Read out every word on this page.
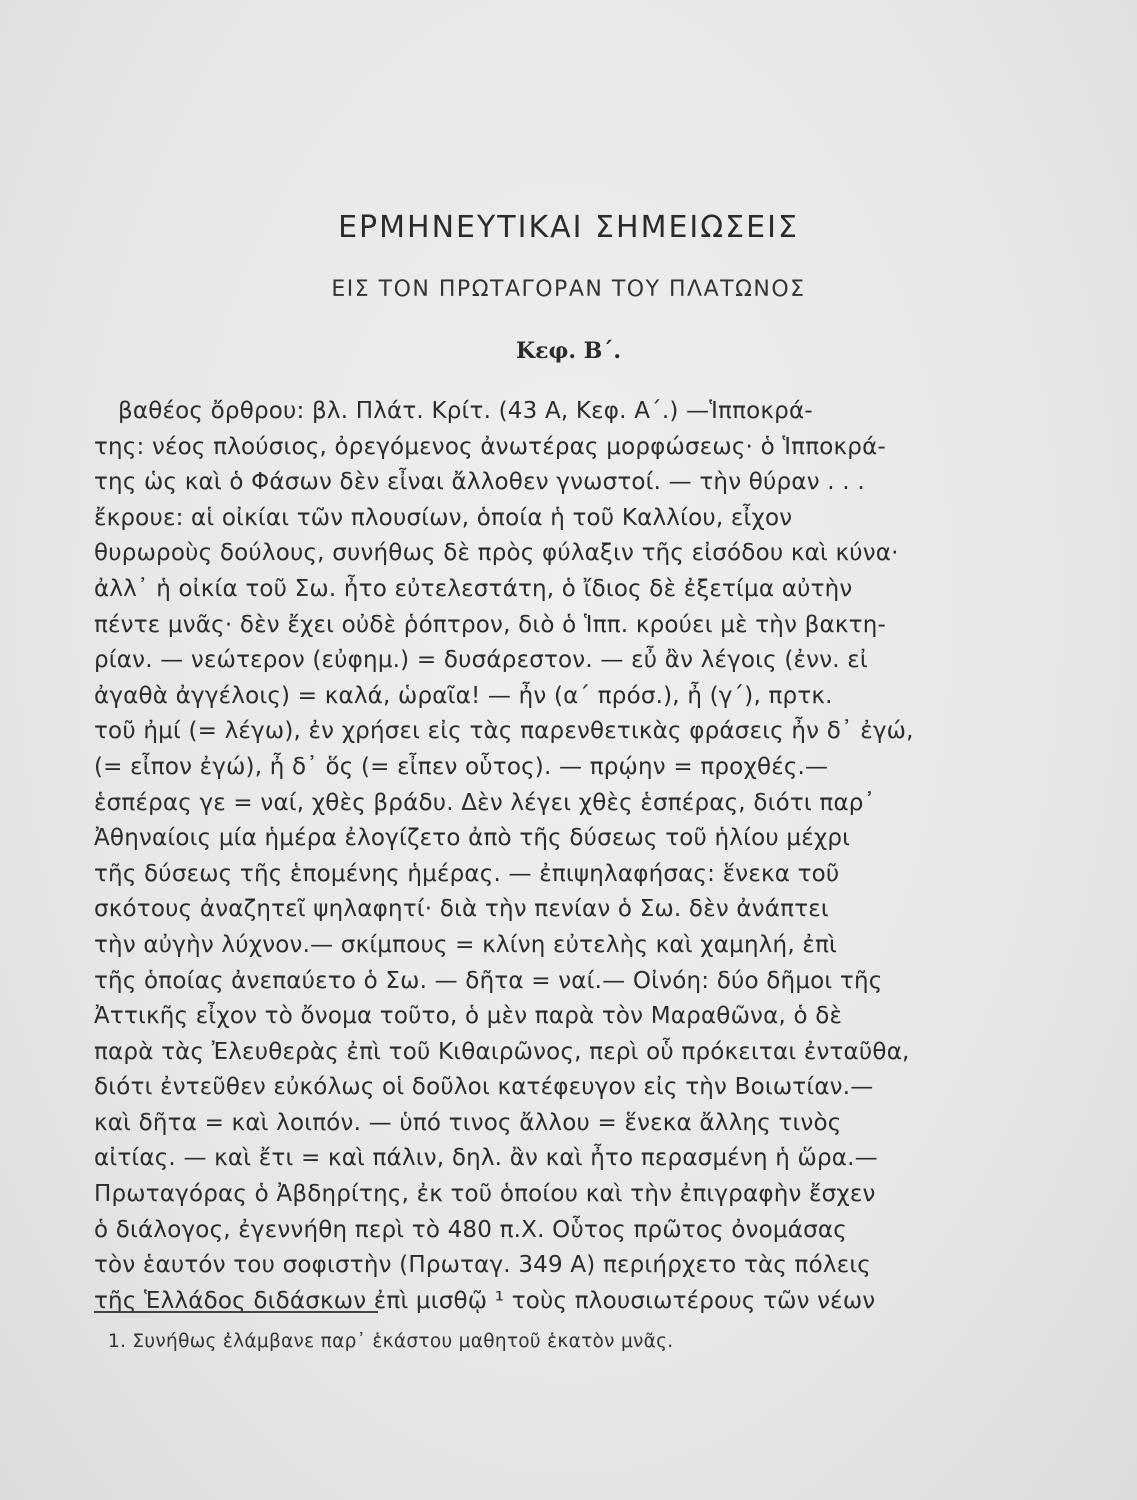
ΕΡΜΗΝΕΥΤΙΚΑΙ ΣΗΜΕΙΩΣΕΙΣ
ΕΙΣ ΤΟΝ ΠΡΩΤΑΓΟΡΑΝ ΤΟΥ ΠΛΑΤΩΝΟΣ
Κεφ. Β΄.
βαθέος ὄρθρου: βλ. Πλάτ. Κρίτ. (43 Α, Κεφ. Α΄.) —Ἱπποκρά-
της: νέος πλούσιος, ὀρεγόμενος ἀνωτέρας μορφώσεως· ὁ Ἱπποκρά-
της ὡς καὶ ὁ Φάσων δὲν εἶναι ἄλλοθεν γνωστοί. — τὴν θύραν . . .
ἔκρουε: αἱ οἰκίαι τῶν πλουσίων, ὁποία ἡ τοῦ Καλλίου, εἶχον
θυρωροὺς δούλους, συνήθως δὲ πρὸς φύλαξιν τῆς εἰσόδου καὶ κύνα·
ἀλλ᾽ ἡ οἰκία τοῦ Σω. ἦτο εὐτελεστάτη, ὁ ἴδιος δὲ ἐξετίμα αὐτὴν
πέντε μνᾶς· δὲν ἔχει οὐδὲ ῥόπτρον, διὸ ὁ Ἱππ. κρούει μὲ τὴν βακτη-
ρίαν. — νεώτερον (εὐφημ.) = δυσάρεστον. — εὖ ἂν λέγοις (ἐνν. εἰ
ἀγαθὰ ἀγγέλοις) = καλά, ὡραῖα! — ἦν (α΄ πρόσ.), ἦ (γ΄), πρτκ.
τοῦ ἠμί (= λέγω), ἐν χρήσει εἰς τὰς παρενθετικὰς φράσεις ἦν δ᾽ ἐγώ,
(= εἶπον ἐγώ), ἦ δ᾽ ὅς (= εἶπεν οὗτος). — πρῴην = προχθές.—
ἑσπέρας γε = ναί, χθὲς βράδυ. Δὲν λέγει χθὲς ἑσπέρας, διότι παρ᾽
Ἀθηναίοις μία ἡμέρα ἐλογίζετο ἀπὸ τῆς δύσεως τοῦ ἡλίου μέχρι
τῆς δύσεως τῆς ἑπομένης ἡμέρας. — ἐπιψηλαφήσας: ἕνεκα τοῦ
σκότους ἀναζητεῖ ψηλαφητί· διὰ τὴν πενίαν ὁ Σω. δὲν ἀνάπτει
τὴν αὐγὴν λύχνον.— σκίμπους = κλίνη εὐτελὴς καὶ χαμηλή, ἐπὶ
τῆς ὁποίας ἀνεπαύετο ὁ Σω. — δῆτα = ναί.— Οἰνόη: δύο δῆμοι τῆς
Ἀττικῆς εἶχον τὸ ὄνομα τοῦτο, ὁ μὲν παρὰ τὸν Μαραθῶνα, ὁ δὲ
παρὰ τὰς Ἐλευθερὰς ἐπὶ τοῦ Κιθαιρῶνος, περὶ οὗ πρόκειται ἐνταῦθα,
διότι ἐντεῦθεν εὐκόλως οἱ δοῦλοι κατέφευγον εἰς τὴν Βοιωτίαν.—
καὶ δῆτα = καὶ λοιπόν. — ὑπό τινος ἄλλου = ἕνεκα ἄλλης τινὸς
αἰτίας. — καὶ ἔτι = καὶ πάλιν, δηλ. ἂν καὶ ἦτο περασμένη ἡ ὥρα.—
Πρωταγόρας ὁ Ἀβδηρίτης, ἐκ τοῦ ὁποίου καὶ τὴν ἐπιγραφὴν ἔσχεν
ὁ διάλογος, ἐγεννήθη περὶ τὸ 480 π.Χ. Οὗτος πρῶτος ὀνομάσας
τὸν ἑαυτόν του σοφιστὴν (Πρωταγ. 349 Α) περιήρχετο τὰς πόλεις
τῆς Ἑλλάδος διδάσκων ἐπὶ μισθῷ ¹ τοὺς πλουσιωτέρους τῶν νέων
1. Συνήθως ἐλάμβανε παρ᾽ ἑκάστου μαθητοῦ ἑκατὸν μνᾶς.
